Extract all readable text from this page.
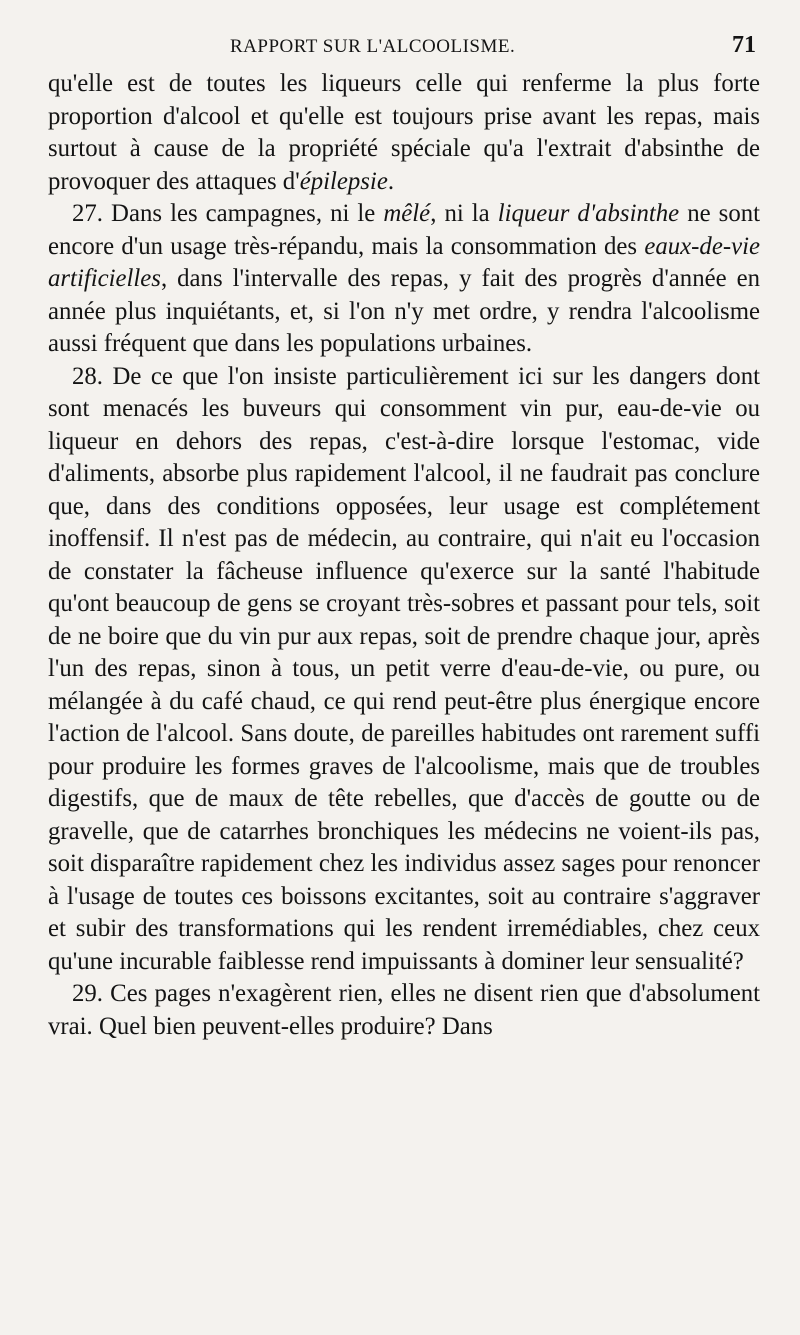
RAPPORT SUR L'ALCOOLISME.	71

qu'elle est de toutes les liqueurs celle qui renferme la plus forte proportion d'alcool et qu'elle est toujours prise avant les repas, mais surtout à cause de la propriété spéciale qu'a l'extrait d'absinthe de provoquer des attaques d'épilepsie.

27. Dans les campagnes, ni le mêlé, ni la liqueur d'absinthe ne sont encore d'un usage très-répandu, mais la consommation des eaux-de-vie artificielles, dans l'intervalle des repas, y fait des progrès d'année en année plus inquiétants, et, si l'on n'y met ordre, y rendra l'alcoolisme aussi fréquent que dans les populations urbaines.

28. De ce que l'on insiste particulièrement ici sur les dangers dont sont menacés les buveurs qui consomment vin pur, eau-de-vie ou liqueur en dehors des repas, c'est-à-dire lorsque l'estomac, vide d'aliments, absorbe plus rapidement l'alcool, il ne faudrait pas conclure que, dans des conditions opposées, leur usage est complétement inoffensif. Il n'est pas de médecin, au contraire, qui n'ait eu l'occasion de constater la fâcheuse influence qu'exerce sur la santé l'habitude qu'ont beaucoup de gens se croyant très-sobres et passant pour tels, soit de ne boire que du vin pur aux repas, soit de prendre chaque jour, après l'un des repas, sinon à tous, un petit verre d'eau-de-vie, ou pure, ou mélangée à du café chaud, ce qui rend peut-être plus énergique encore l'action de l'alcool. Sans doute, de pareilles habitudes ont rarement suffi pour produire les formes graves de l'alcoolisme, mais que de troubles digestifs, que de maux de tête rebelles, que d'accès de goutte ou de gravelle, que de catarrhes bronchiques les médecins ne voient-ils pas, soit disparaître rapidement chez les individus assez sages pour renoncer à l'usage de toutes ces boissons excitantes, soit au contraire s'aggraver et subir des transformations qui les rendent irremédiables, chez ceux qu'une incurable faiblesse rend impuissants à dominer leur sensualité?

29. Ces pages n'exagèrent rien, elles ne disent rien que d'absolument vrai. Quel bien peuvent-elles produire? Dans
